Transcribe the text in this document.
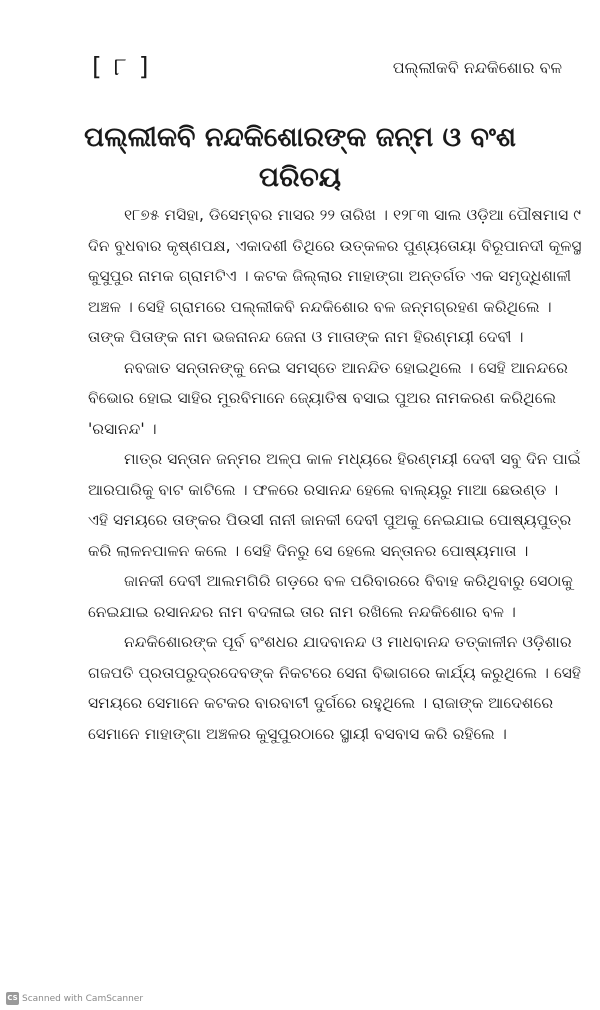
[ ୮ ]	ପଲ୍ଲୀକବି ନନ୍ଦକିଶୋର ବଳ
ପଲ୍ଲୀକବି ନନ୍ଦକିଶୋରଙ୍କ ଜନ୍ମ ଓ ବଂଶ
ପରିଚୟ

୧୮୭୫ ମସିହା, ଡିସେମ୍ବର ମାସର ୨୨ ତାରିଖ । ୧୨୮୩ ସାଲ ଓଡ଼ିଆ ପୌଷମାସ ୯ ଦିନ ବୁଧବାର କୃଷ୍ଣପକ୍ଷ, ଏକାଦଶୀ ତିଥିରେ ଉତ୍କଳର ପୁଣ୍ୟତୋୟା ବିରୂପାନଦୀ କୂଳସ୍ଥ କୁସୁପୁର ନାମକ ଗ୍ରାମଟିଏ । କଟକ ଜିଲ୍ଲାର ମାହାଙ୍ଗା ଅନ୍ତର୍ଗତ ଏକ ସମୃଦ୍ଧିଶାଳୀ ଅଞ୍ଚଳ । ସେହି ଗ୍ରାମରେ ପଲ୍ଲୀକବି ନନ୍ଦକିଶୋର ବଳ ଜନ୍ମଗ୍ରହଣ କରିଥିଲେ । ତାଙ୍କ ପିତାଙ୍କ ନାମ ଭଜନାନନ୍ଦ ଜେନା ଓ ମାତାଙ୍କ ନାମ ହିରଣ୍ମୟୀ ଦେବୀ ।

ନବଜାତ ସନ୍ତାନଙ୍କୁ ନେଇ ସମସ୍ତେ ଆନନ୍ଦିତ ହୋଇଥିଲେ । ସେହି ଆନନ୍ଦରେ ବିଭୋର ହୋଇ ସାହିର ମୁରବିମାନେ ଜ୍ୟୋତିଷ ବସାଇ ପୁଅର ନାମକରଣ କରିଥିଲେ 'ରସାନନ୍ଦ' ।

ମାତ୍ର ସନ୍ତାନ ଜନ୍ମର ଅଳ୍ପ କାଳ ମଧ୍ୟରେ ହିରଣ୍ମୟୀ ଦେବୀ ସବୁ ଦିନ ପାଇଁ ଆରପାରିକୁ ବାଟ କାଟିଲେ । ଫଳରେ ରସାନନ୍ଦ ହେଲେ ବାଲ୍ୟରୁ ମାଆ ଛେଉଣ୍ଡ । ଏହି ସମୟରେ ତାଙ୍କର ପିଉସୀ ନାନୀ ଜାନକୀ ଦେବୀ ପୁଅକୁ ନେଇଯାଇ ପୋଷ୍ୟପୁତ୍ର କରି ଲାଳନପାଳନ କଲେ । ସେହି ଦିନରୁ ସେ ହେଲେ ସନ୍ତାନର ପୋଷ୍ୟମାତା ।

ଜାନକୀ ଦେବୀ ଆଲମଗିରି ଗଡ଼ରେ ବଳ ପରିବାରରେ ବିବାହ କରିଥିବାରୁ ସେଠାକୁ ନେଇଯାଇ ରସାନନ୍ଦର ନାମ ବଦଳାଇ ତାର ନାମ ରଖିଲେ ନନ୍ଦକିଶୋର ବଳ ।

ନନ୍ଦକିଶୋରଙ୍କ ପୂର୍ବ ବଂଶଧର ଯାଦବାନନ୍ଦ ଓ ମାଧବାନନ୍ଦ ତତ୍କାଳୀନ ଓଡ଼ିଶାର ଗଜପତି ପ୍ରତାପରୁଦ୍ରଦେବଙ୍କ ନିକଟରେ ସେନା ବିଭାଗରେ କାର୍ଯ୍ୟ କରୁଥିଲେ । ସେହି ସମୟରେ ସେମାନେ କଟକର ବାରବାଟୀ ଦୁର୍ଗରେ ରହୁଥିଲେ । ରାଜାଙ୍କ ଆଦେଶରେ ସେମାନେ ମାହାଙ୍ଗା ଅଞ୍ଚଳର କୁସୁପୁରଠାରେ ସ୍ଥାୟୀ ବସବାସ କରି ରହିଲେ ।

CS Scanned with CamScanner
